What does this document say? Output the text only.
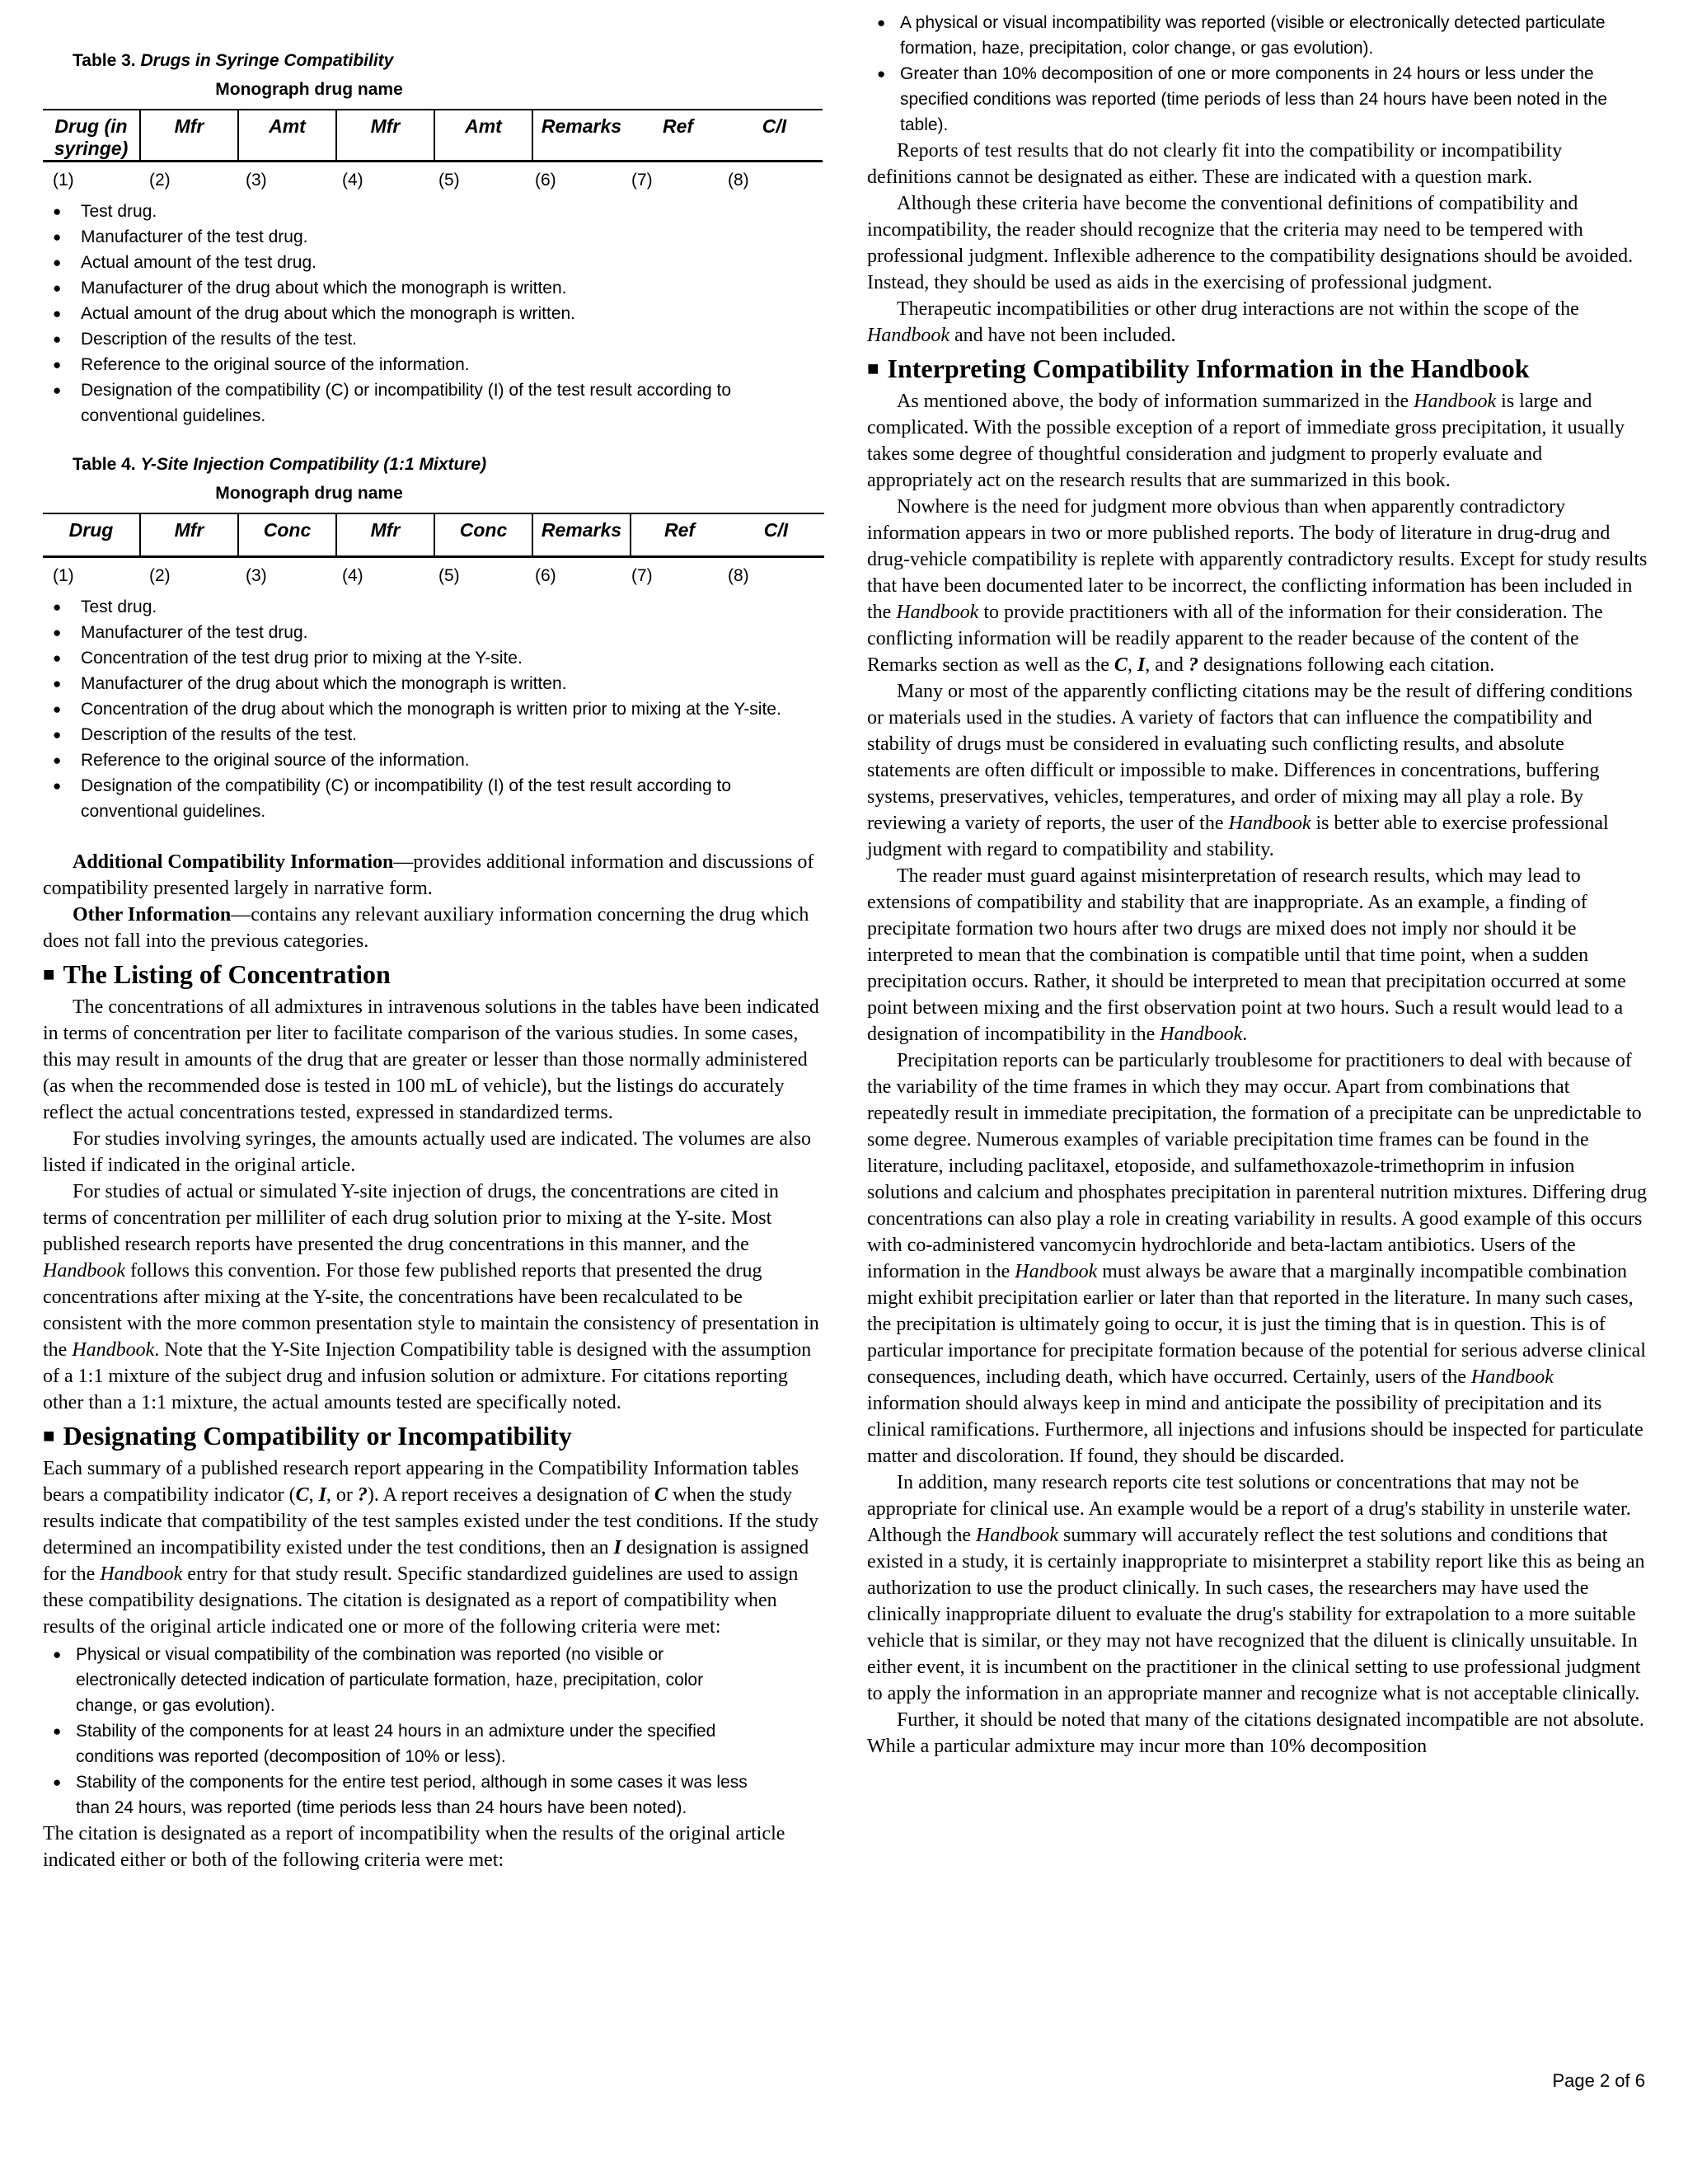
Table 3. Drugs in Syringe Compatibility

Monograph drug name
Drug (in syringe)	Mfr	Amt	Mfr	Amt	Remarks	Ref	C/I
(1)	(2)	(3)	(4)	(5)	(6)	(7)	(8)
● Test drug.
● Manufacturer of the test drug.
● Actual amount of the test drug.
● Manufacturer of the drug about which the monograph is written.
● Actual amount of the drug about which the monograph is written.
● Description of the results of the test.
● Reference to the original source of the information.
● Designation of the compatibility (C) or incompatibility (I) of the test result according to conventional guidelines.

Table 4. Y-Site Injection Compatibility (1:1 Mixture)

Monograph drug name
Drug	Mfr	Conc	Mfr	Conc	Remarks	Ref	C/I
(1)	(2)	(3)	(4)	(5)	(6)	(7)	(8)
● Test drug.
● Manufacturer of the test drug.
● Concentration of the test drug prior to mixing at the Y-site.
● Manufacturer of the drug about which the monograph is written.
● Concentration of the drug about which the monograph is written prior to mixing at the Y-site.
● Description of the results of the test.
● Reference to the original source of the information.
● Designation of the compatibility (C) or incompatibility (I) of the test result according to conventional guidelines.

Additional Compatibility Information—provides additional information and discussions of compatibility presented largely in narrative form.

Other Information—contains any relevant auxiliary information concerning the drug which does not fall into the previous categories.

■ The Listing of Concentration

The concentrations of all admixtures in intravenous solutions in the tables have been indicated in terms of concentration per liter to facilitate comparison of the various studies. In some cases, this may result in amounts of the drug that are greater or lesser than those normally administered (as when the recommended dose is tested in 100 mL of vehicle), but the listings do accurately reflect the actual concentrations tested, expressed in standardized terms.

For studies involving syringes, the amounts actually used are indicated. The volumes are also listed if indicated in the original article.

For studies of actual or simulated Y-site injection of drugs, the concentrations are cited in terms of concentration per milliliter of each drug solution prior to mixing at the Y-site. Most published research reports have presented the drug concentrations in this manner, and the Handbook follows this convention. For those few published reports that presented the drug concentrations after mixing at the Y-site, the concentrations have been recalculated to be consistent with the more common presentation style to maintain the consistency of presentation in the Handbook. Note that the Y-Site Injection Compatibility table is designed with the assumption of a 1:1 mixture of the subject drug and infusion solution or admixture. For citations reporting other than a 1:1 mixture, the actual amounts tested are specifically noted.

■ Designating Compatibility or Incompatibility

Each summary of a published research report appearing in the Compatibility Information tables bears a compatibility indicator (C, I, or ?). A report receives a designation of C when the study results indicate that compatibility of the test samples existed under the test conditions. If the study determined an incompatibility existed under the test conditions, then an I designation is assigned for the Handbook entry for that study result. Specific standardized guidelines are used to assign these compatibility designations. The citation is designated as a report of compatibility when results of the original article indicated one or more of the following criteria were met:

● Physical or visual compatibility of the combination was reported (no visible or electronically detected indication of particulate formation, haze, precipitation, color change, or gas evolution).
● Stability of the components for at least 24 hours in an admixture under the specified conditions was reported (decomposition of 10% or less).
● Stability of the components for the entire test period, although in some cases it was less than 24 hours, was reported (time periods less than 24 hours have been noted).

The citation is designated as a report of incompatibility when the results of the original article indicated either or both of the following criteria were met:

● A physical or visual incompatibility was reported (visible or electronically detected particulate formation, haze, precipitation, color change, or gas evolution).
● Greater than 10% decomposition of one or more components in 24 hours or less under the specified conditions was reported (time periods of less than 24 hours have been noted in the table).

Reports of test results that do not clearly fit into the compatibility or incompatibility definitions cannot be designated as either. These are indicated with a question mark.

Although these criteria have become the conventional definitions of compatibility and incompatibility, the reader should recognize that the criteria may need to be tempered with professional judgment. Inflexible adherence to the compatibility designations should be avoided. Instead, they should be used as aids in the exercising of professional judgment.

Therapeutic incompatibilities or other drug interactions are not within the scope of the Handbook and have not been included.

■ Interpreting Compatibility Information in the Handbook

As mentioned above, the body of information summarized in the Handbook is large and complicated. With the possible exception of a report of immediate gross precipitation, it usually takes some degree of thoughtful consideration and judgment to properly evaluate and appropriately act on the research results that are summarized in this book.

Nowhere is the need for judgment more obvious than when apparently contradictory information appears in two or more published reports. The body of literature in drug-drug and drug-vehicle compatibility is replete with apparently contradictory results. Except for study results that have been documented later to be incorrect, the conflicting information has been included in the Handbook to provide practitioners with all of the information for their consideration. The conflicting information will be readily apparent to the reader because of the content of the Remarks section as well as the C, I, and ? designations following each citation.

Many or most of the apparently conflicting citations may be the result of differing conditions or materials used in the studies. A variety of factors that can influence the compatibility and stability of drugs must be considered in evaluating such conflicting results, and absolute statements are often difficult or impossible to make. Differences in concentrations, buffering systems, preservatives, vehicles, temperatures, and order of mixing may all play a role. By reviewing a variety of reports, the user of the Handbook is better able to exercise professional judgment with regard to compatibility and stability.

The reader must guard against misinterpretation of research results, which may lead to extensions of compatibility and stability that are inappropriate. As an example, a finding of precipitate formation two hours after two drugs are mixed does not imply nor should it be interpreted to mean that the combination is compatible until that time point, when a sudden precipitation occurs. Rather, it should be interpreted to mean that precipitation occurred at some point between mixing and the first observation point at two hours. Such a result would lead to a designation of incompatibility in the Handbook.

Precipitation reports can be particularly troublesome for practitioners to deal with because of the variability of the time frames in which they may occur. Apart from combinations that repeatedly result in immediate precipitation, the formation of a precipitate can be unpredictable to some degree. Numerous examples of variable precipitation time frames can be found in the literature, including paclitaxel, etoposide, and sulfamethoxazole-trimethoprim in infusion solutions and calcium and phosphates precipitation in parenteral nutrition mixtures. Differing drug concentrations can also play a role in creating variability in results. A good example of this occurs with co-administered vancomycin hydrochloride and beta-lactam antibiotics. Users of the information in the Handbook must always be aware that a marginally incompatible combination might exhibit precipitation earlier or later than that reported in the literature. In many such cases, the precipitation is ultimately going to occur, it is just the timing that is in question. This is of particular importance for precipitate formation because of the potential for serious adverse clinical consequences, including death, which have occurred. Certainly, users of the Handbook information should always keep in mind and anticipate the possibility of precipitation and its clinical ramifications. Furthermore, all injections and infusions should be inspected for particulate matter and discoloration. If found, they should be discarded.

In addition, many research reports cite test solutions or concentrations that may not be appropriate for clinical use. An example would be a report of a drug's stability in unsterile water. Although the Handbook summary will accurately reflect the test solutions and conditions that existed in a study, it is certainly inappropriate to misinterpret a stability report like this as being an authorization to use the product clinically. In such cases, the researchers may have used the clinically inappropriate diluent to evaluate the drug's stability for extrapolation to a more suitable vehicle that is similar, or they may not have recognized that the diluent is clinically unsuitable. In either event, it is incumbent on the practitioner in the clinical setting to use professional judgment to apply the information in an appropriate manner and recognize what is not acceptable clinically.

Further, it should be noted that many of the citations designated incompatible are not absolute. While a particular admixture may incur more than 10% decomposition

Page 2 of 6
